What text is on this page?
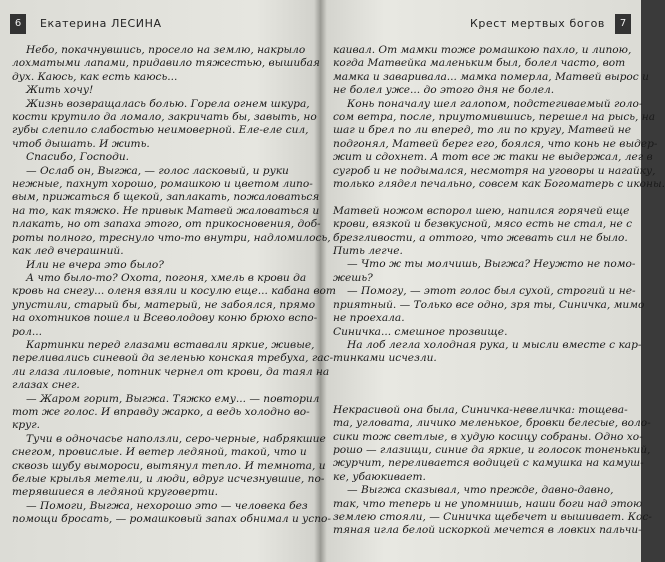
6 Екатерина ЛЕСИНА
Небо, покачнувшись, просело на землю, накрыло
лохматыми лапами, придавило тяжестью, вышибая
дух. Каюсь, как есть каюсь...
Жить хочу!
Жизнь возвращалась болью. Горела огнем шкура,
кости крутило да ломало, закричать бы, завыть, но
губы слепило слабостью неимоверной. Еле-еле сил,
чтоб дышать. И жить.
Спасибо, Господи.
— Ослаб он, Выгжа, — голос ласковый, и руки
нежные, пахнут хорошо, ромашкою и цветом липо-
вым, прижаться б щекой, заплакать, пожаловаться
на то, как тяжко. Не привык Матвей жаловаться и
плакать, но от запаха этого, от прикосновения, доб-
роты полного, треснуло что-то внутри, надломилось,
как лед вчерашний.
Или не вчера это было?
А что было-то? Охота, погоня, хмель в крови да
кровь на снегу... оленя взяли и косулю еще... кабана вот
упустили, старый бы, матерый, не забоялся, прямо
на охотников пошел и Всеволодову коню брюхо вспо-
рол...
Картинки перед глазами вставали яркие, живые,
переливались синевой да зеленью конская требуха, гас-
ли глаза лиловые, потник чернел от крови, да таял на
глазах снег.
— Жаром горит, Выгжа. Тяжко ему... — повторил
тот же голос. И вправду жарко, а ведь холодно во-
круг.
Тучи в одночасье наползли, серо-черные, набрякшие
снегом, провислые. И ветер ледяной, такой, что и
сквозь шубу вымороси, вытянул тепло. И темнота, и
белые крылья метели, и люди, вдруг исчезнувшие, по-
терявшиеся в ледяной круговерти.
— Помоги, Выгжа, нехорошо это — человека без
помощи бросать, — ромашковый запах обнимал и успо-
Крест мертвых богов 7
каивал. От мамки тоже ромашкою пахло, и липою,
когда Матвейка маленьким был, болел часто, вот
мамка и заваривала... мамка померла, Матвей вырос и
не болел уже... до этого дня не болел.
Конь поначалу шел галопом, подстегиваемый голо-
сом ветра, после, приутомившись, перешел на рысь, на
шаг и брел по ли вперед, то ли по кругу, Матвей не
подгонял, Матвей берег его, боялся, что конь не выдер-
жит и сдохнет. А тот все ж таки не выдержал, лег в
сугроб и не подымался, несмотря на уговоры и нагайку,
только глядел печально, совсем как Богоматерь с иконы.
Матвей ножом вспорол шею, напился горячей еще
крови, вязкой и безвкусной, мясо есть не стал, не с
брезгливости, а оттого, что жевать сил не было.
Пить легче.
— Что ж ты молчишь, Выгжа? Неужто не помо-
жешь?
— Помогу, — этот голос был сухой, строгий и не-
приятный. — Только все одно, зря ты, Синичка, мимо
не проехала.
Синичка... смешное прозвище.
На лоб легла холодная рука, и мысли вместе с кар-
тинками исчезли.
Некрасивой она была, Синичка-невеличка: тощева-
та, угловата, личико меленькое, бровки белесые, воло-
сики тож светлые, в худую косицу собраны. Одно хо-
рошо — глазищи, синие да яркие, и голосок тоненький,
журчит, переливается водицей с камушка на камуш-
ке, убаюкивает.
— Выгжа сказывал, что прежде, давно-давно,
так, что теперь и не упомнишь, наши боги над этою
землею стояли, — Синичка щебечет и вышивает. Кос-
тяная игла белой искоркой мечется в ловких пальчи-
